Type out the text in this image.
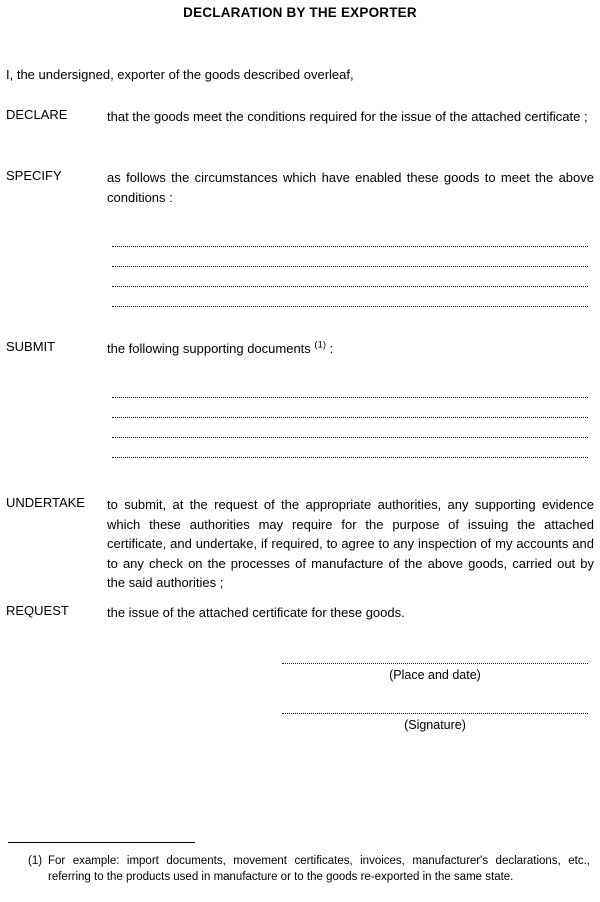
DECLARATION BY THE EXPORTER
I, the undersigned, exporter of the goods described overleaf,
DECLARE	that the goods meet the conditions required for the issue of the attached certificate ;
SPECIFY	as follows the circumstances which have enabled these goods to meet the above conditions :
SUBMIT	the following supporting documents $^{(1)}$ :
UNDERTAKE to submit, at the request of the appropriate authorities, any supporting evidence which these authorities may require for the purpose of issuing the attached certificate, and undertake, if required, to agree to any inspection of my accounts and to any check on the processes of manufacture of the above goods, carried out by the said authorities ;
REQUEST	the issue of the attached certificate for these goods.
(Place and date)
(Signature)
(1) For example: import documents, movement certificates, invoices, manufacturer's declarations, etc., referring to the products used in manufacture or to the goods re-exported in the same state.
